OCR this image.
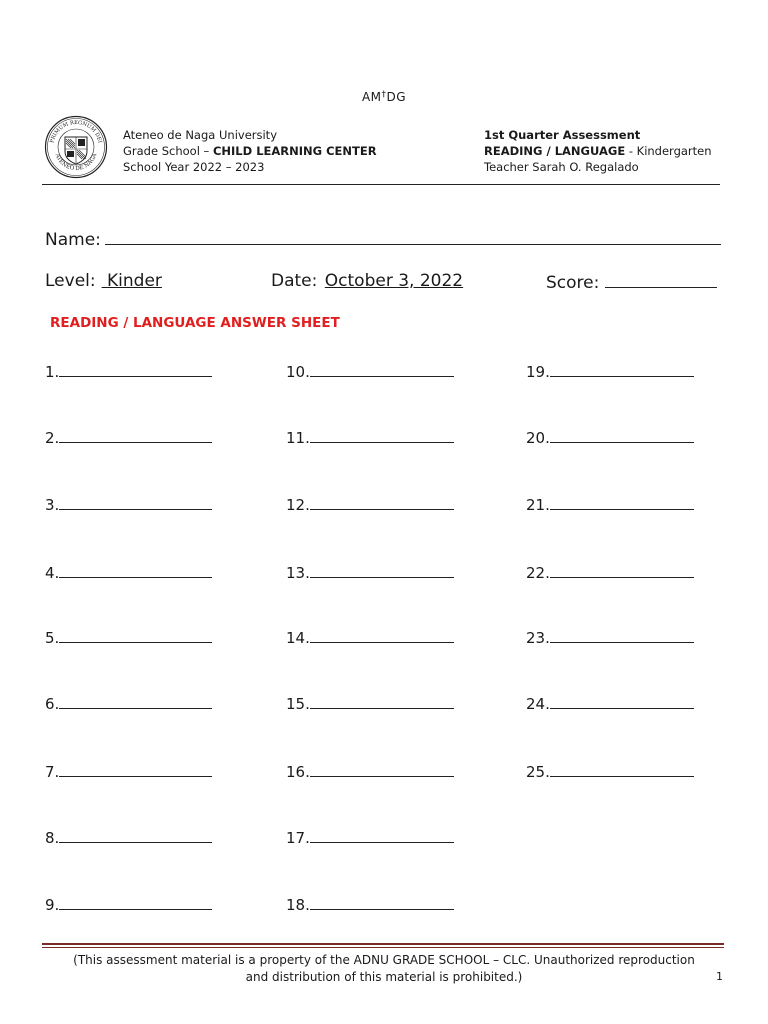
AM†DG
PRIMUM REGNUM DEI
ATENEO DE NAGA
Ateneo de Naga University
Grade School – CHILD LEARNING CENTER
School Year 2022 – 2023
1st Quarter Assessment
READING / LANGUAGE - Kindergarten
Teacher Sarah O. Regalado
Name:
Level: Kinder	Date: October 3, 2022	Score:
READING / LANGUAGE ANSWER SHEET
1.
2.
3.
4.
5.
6.
7.
8.
9.
10.
11.
12.
13.
14.
15.
16.
17.
18.
19.
20.
21.
22.
23.
24.
25.
(This assessment material is a property of the ADNU GRADE SCHOOL – CLC. Unauthorized reproduction
and distribution of this material is prohibited.)	1
